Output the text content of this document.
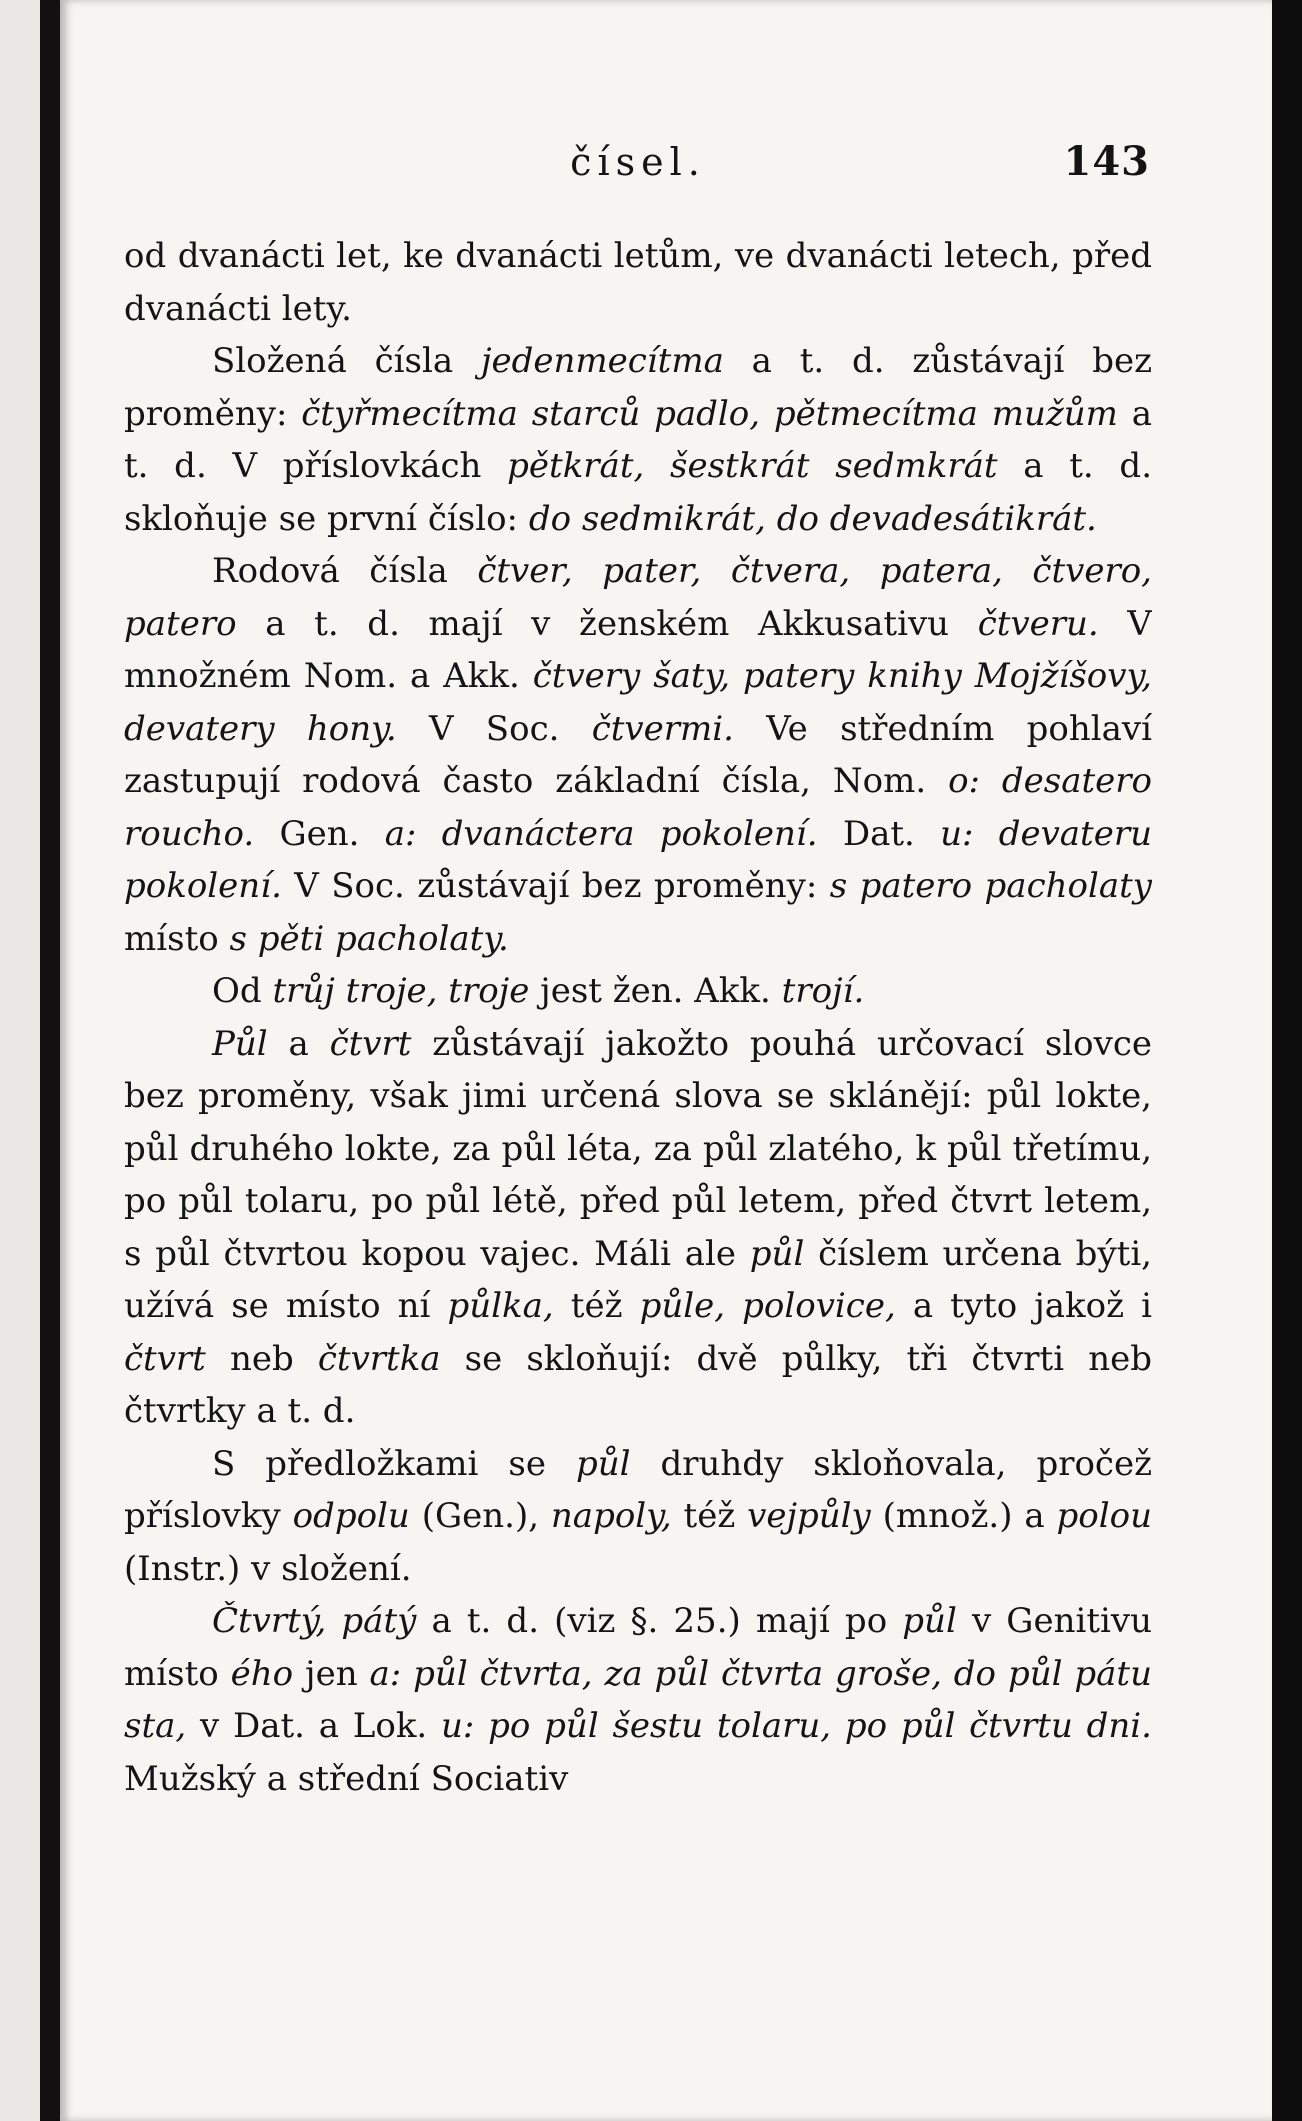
čísel.	143

od dvanácti let, ke dvanácti letům, ve dvanácti letech, před dvanácti lety.

Složená čísla jedenmecítma a t. d. zůstávají bez proměny: čtyřmecítma starců padlo, pětmecítma mužům a t. d. V příslovkách pětkrát, šestkrát sedmkrát a t. d. skloňuje se první číslo: do sedmikrát, do devadesátikrát.

Rodová čísla čtver, pater, čtvera, patera, čtvero, patero a t. d. mají v ženském Akkusativu čtveru. V množném Nom. a Akk. čtvery šaty, patery knihy Mojžíšovy, devatery hony. V Soc. čtvermi. Ve středním pohlaví zastupují rodová často základní čísla, Nom. o: desatero roucho. Gen. a: dvanáctera pokolení. Dat. u: devateru pokolení. V Soc. zůstávají bez proměny: s patero pacholaty místo s pěti pacholaty.

Od trůj troje, troje jest žen. Akk. trojí.

Půl a čtvrt zůstávají jakožto pouhá určovací slovce bez proměny, však jimi určená slova se sklánějí: půl lokte, půl druhého lokte, za půl léta, za půl zlatého, k půl třetímu, po půl tolaru, po půl létě, před půl letem, před čtvrt letem, s půl čtvrtou kopou vajec. Máli ale půl číslem určena býti, užívá se místo ní půlka, též půle, polovice, a tyto jakož i čtvrt neb čtvrtka se skloňují: dvě půlky, tři čtvrti neb čtvrtky a t. d.

S předložkami se půl druhdy skloňovala, pročež příslovky odpolu (Gen.), napoly, též vejpůly (množ.) a polou (Instr.) v složení.

Čtvrtý, pátý a t. d. (viz §. 25.) mají po půl v Genitivu místo ého jen a: půl čtvrta, za půl čtvrta groše, do půl pátu sta, v Dat. a Lok. u: po půl šestu tolaru, po půl čtvrtu dni. Mužský a střední Sociativ
